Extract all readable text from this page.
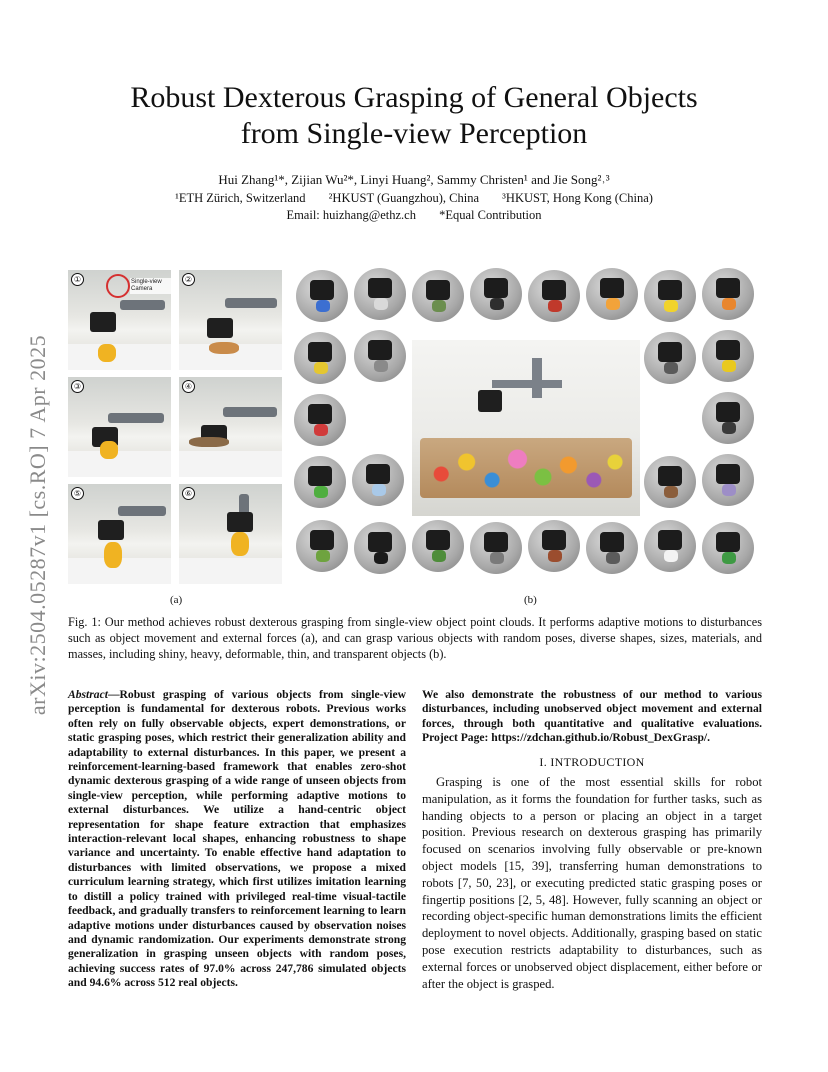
arXiv:2504.05287v1 [cs.RO] 7 Apr 2025
Robust Dexterous Grasping of General Objects
from Single-view Perception
Hui Zhang¹*, Zijian Wu²*, Linyi Huang², Sammy Christen¹ and Jie Song²˒³
¹ETH Zürich, Switzerland ²HKUST (Guangzhou), China ³HKUST, Hong Kong (China)
Email: huizhang@ethz.ch *Equal Contribution
Single-view Camera
①	②
③	④
⑤	⑥
(a)	(b)
Fig. 1: Our method achieves robust dexterous grasping from single-view object point clouds. It performs adaptive motions to disturbances such as object movement and external forces (a), and can grasp various objects with random poses, diverse shapes, sizes, materials, and masses, including shiny, heavy, deformable, thin, and transparent objects (b).
Abstract—Robust grasping of various objects from single-view perception is fundamental for dexterous robots. Previous works often rely on fully observable objects, expert demonstrations, or static grasping poses, which restrict their generalization ability and adaptability to external disturbances. In this paper, we present a reinforcement-learning-based framework that enables zero-shot dynamic dexterous grasping of a wide range of unseen objects from single-view perception, while performing adaptive motions to external disturbances. We utilize a hand-centric object representation for shape feature extraction that emphasizes interaction-relevant local shapes, enhancing robustness to shape variance and uncertainty. To enable effective hand adaptation to disturbances with limited observations, we propose a mixed curriculum learning strategy, which first utilizes imitation learning to distill a policy trained with privileged real-time visual-tactile feedback, and gradually transfers to reinforcement learning to learn adaptive motions under disturbances caused by observation noises and dynamic randomization. Our experiments demonstrate strong generalization in grasping unseen objects with random poses, achieving success rates of 97.0% across 247,786 simulated objects and 94.6% across 512 real objects.
We also demonstrate the robustness of our method to various disturbances, including unobserved object movement and external forces, through both quantitative and qualitative evaluations. Project Page: https://zdchan.github.io/Robust_DexGrasp/.
I. INTRODUCTION

Grasping is one of the most essential skills for robot manipulation, as it forms the foundation for further tasks, such as handing objects to a person or placing an object in a target position. Previous research on dexterous grasping has primarily focused on scenarios involving fully observable or pre-known object models [15, 39], transferring human demonstrations to robots [7, 50, 23], or executing predicted static grasping poses or fingertip positions [2, 5, 48]. However, fully scanning an object or recording object-specific human demonstrations limits the efficient deployment to novel objects. Additionally, grasping based on static pose execution restricts adaptability to disturbances, such as external forces or unobserved object displacement, either before or after the object is grasped.
